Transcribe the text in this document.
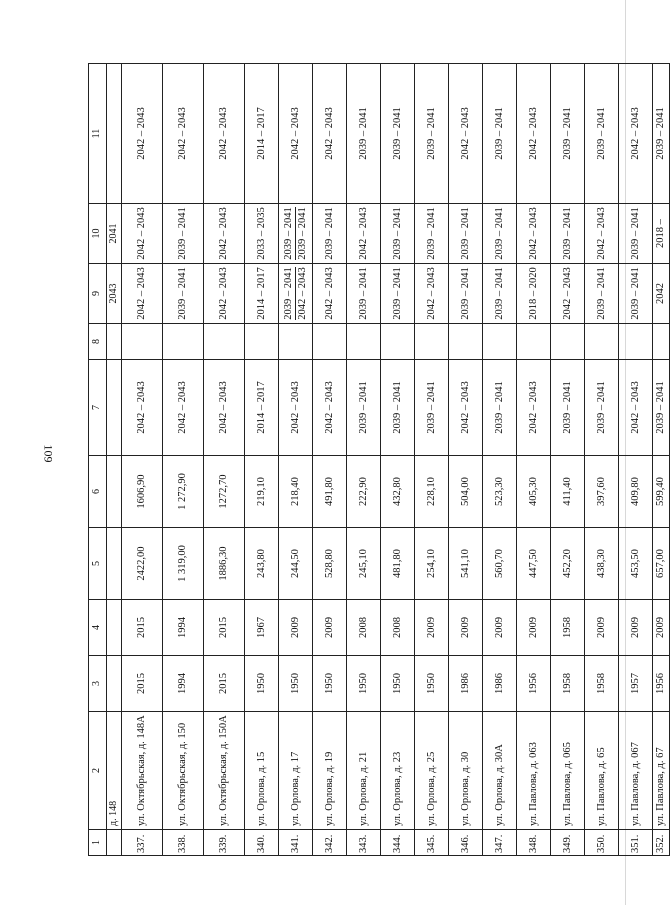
109
1	2	3	4	5	6	7	8	9	10	11
	д. 148							2043	2041	
337.	ул. Октябрьская, д. 148А	2015	2015	2422,00	1606,90	2042 – 2043		2042 – 2043	2042 – 2043	2042 – 2043
338.	ул. Октябрьская, д. 150	1994	1994	1 319,00	1 272,90	2042 – 2043		2039 – 2041	2039 – 2041	2042 – 2043
339.	ул. Октябрьская, д. 150А	2015	2015	1886,30	1272,70	2042 – 2043		2042 – 2043	2042 – 2043	2042 – 2043
340.	ул. Орлова, д. 15	1950	1967	243,80	219,10	2014 – 2017		2014 – 2017	2033 – 2035	2014 – 2017
341.	ул. Орлова, д. 17	1950	2009	244,50	218,40	2042 – 2043		2039 – 2041 2042 – 2043	2039 – 2041 2039 – 2041	2042 – 2043
342.	ул. Орлова, д. 19	1950	2009	528,80	491,80	2042 – 2043		2042 – 2043	2039 – 2041	2042 – 2043
343.	ул. Орлова, д. 21	1950	2008	245,10	222,90	2039 – 2041		2039 – 2041	2042 – 2043	2039 – 2041
344.	ул. Орлова, д. 23	1950	2008	481,80	432,80	2039 – 2041		2039 – 2041	2039 – 2041	2039 – 2041
345.	ул. Орлова, д. 25	1950	2009	254,10	228,10	2039 – 2041		2042 – 2043	2039 – 2041	2039 – 2041
346.	ул. Орлова, д. 30	1986	2009	541,10	504,00	2042 – 2043		2039 – 2041	2039 – 2041	2042 – 2043
347.	ул. Орлова, д. 30А	1986	2009	560,70	523,30	2039 – 2041		2039 – 2041	2039 – 2041	2039 – 2041
348.	ул. Павлова, д. 063	1956	2009	447,50	405,30	2042 – 2043		2018 – 2020	2042 – 2043	2042 – 2043
349.	ул. Павлова, д. 065	1958	1958	452,20	411,40	2039 – 2041		2042 – 2043	2039 – 2041	2039 – 2041
350.	ул. Павлова, д. 65	1958	2009	438,30	397,60	2039 – 2041		2039 – 2041	2042 – 2043	2039 – 2041
351.	ул. Павлова, д. 067	1957	2009	453,50	409,80	2042 – 2043		2039 – 2041	2039 – 2041	2042 – 2043
352.	ул. Павлова, д. 67	1956	2009	657,00	599,40	2039 – 2041		2042	2018 –	2039 – 2041
